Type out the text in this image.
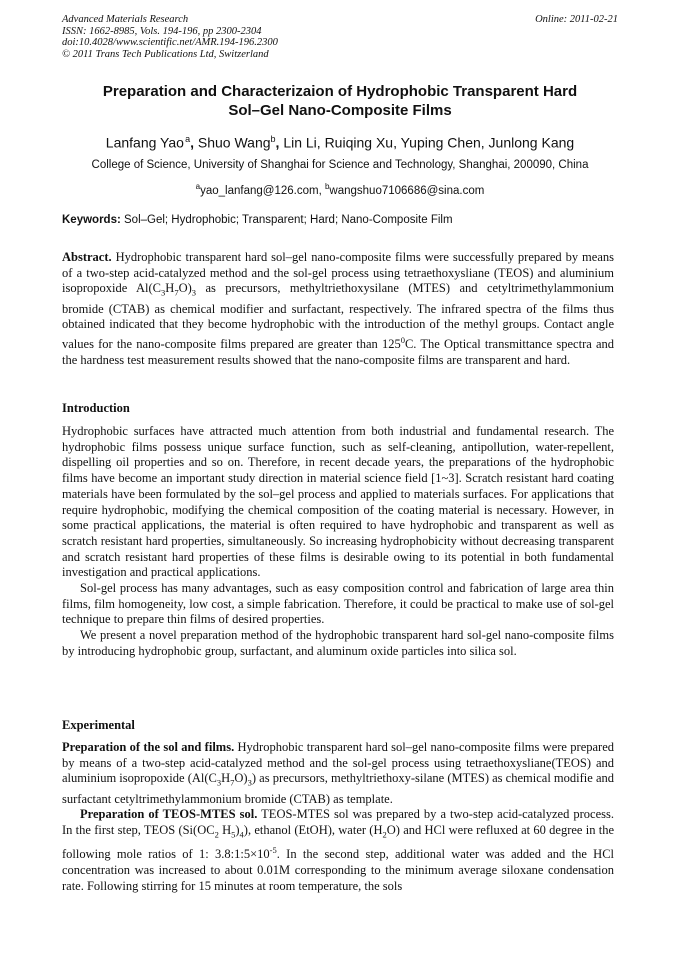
Advanced Materials Research
ISSN: 1662-8985, Vols. 194-196, pp 2300-2304
doi:10.4028/www.scientific.net/AMR.194-196.2300
© 2011 Trans Tech Publications Ltd, Switzerland
Online: 2011-02-21
Preparation and Characterizaion of Hydrophobic Transparent Hard
Sol–Gel Nano-Composite Films
Lanfang Yao $^a$, Shuo Wang$^b$, Lin Li, Ruiqing Xu, Yuping Chen, Junlong Kang
College of Science, University of Shanghai for Science and Technology, Shanghai, 200090, China
$^a$yao_lanfang@126.com, $^b$wangshuo7106686@sina.com
Keywords: Sol–Gel; Hydrophobic; Transparent; Hard; Nano-Composite Film

Abstract. Hydrophobic transparent hard sol–gel nano-composite films were successfully prepared by means of a two-step acid-catalyzed method and the sol-gel process using tetraethoxysliane (TEOS) and aluminium isopropoxide $Al(C_3H_7O)_3$ as precursors, methyltriethoxysilane (MTES) and cetyltrimethylammonium bromide (CTAB) as chemical modifier and surfactant, respectively. The infrared spectra of the films thus obtained indicated that they become hydrophobic with the introduction of the methyl groups. Contact angle values for the nano-composite films prepared are greater than $125^0C$. The Optical transmittance spectra and the hardness test measurement results showed that the nano-composite films are transparent and hard.

Introduction

Hydrophobic surfaces have attracted much attention from both industrial and fundamental research. The hydrophobic films possess unique surface function, such as self-cleaning, antipollution, water-repellent, dispelling oil properties and so on. Therefore, in recent decade years, the preparations of the hydrophobic films have become an important study direction in material science field [1~3]. Scratch resistant hard coating materials have been formulated by the sol–gel process and applied to materials surfaces. For applications that require hydrophobic, modifying the chemical composition of the coating material is necessary. However, in some practical applications, the material is often required to have hydrophobic and transparent as well as scratch resistant hard properties, simultaneously. So increasing hydrophobicity without decreasing transparent and scratch resistant hard properties of these films is desirable owing to its potential in both fundamental investigation and practical applications.

Sol-gel process has many advantages, such as easy composition control and fabrication of large area thin films, film homogeneity, low cost, a simple fabrication. Therefore, it could be practical to make use of sol-gel technique to prepare thin films of desired properties.

We present a novel preparation method of the hydrophobic transparent hard sol-gel nano-composite films by introducing hydrophobic group, surfactant, and aluminum oxide particles into silica sol.

Experimental

Preparation of the sol and films. Hydrophobic transparent hard sol–gel nano-composite films were prepared by means of a two-step acid-catalyzed method and the sol-gel process using tetraethoxysliane(TEOS) and aluminium isopropoxide $(Al(C_3H_7O)_3)$ as precursors, methyltriethoxy-silane (MTES) as chemical modifie and surfactant cetyltrimethylammonium bromide (CTAB) as template.

Preparation of TEOS-MTES sol. TEOS-MTES sol was prepared by a two-step acid-catalyzed process. In the first step, TEOS ($Si(OC_2$ $H_5)_4$), ethanol (EtOH), water $(H_2O)$ and HCl were refluxed at 60 degree in the following mole ratios of 1: $3.8:1:5\times 10^{-5}$. In the second step, additional water was added and the HCl concentration was increased to about 0.01M corresponding to the minimum average siloxane condensation rate. Following stirring for 15 minutes at room temperature, the sols
